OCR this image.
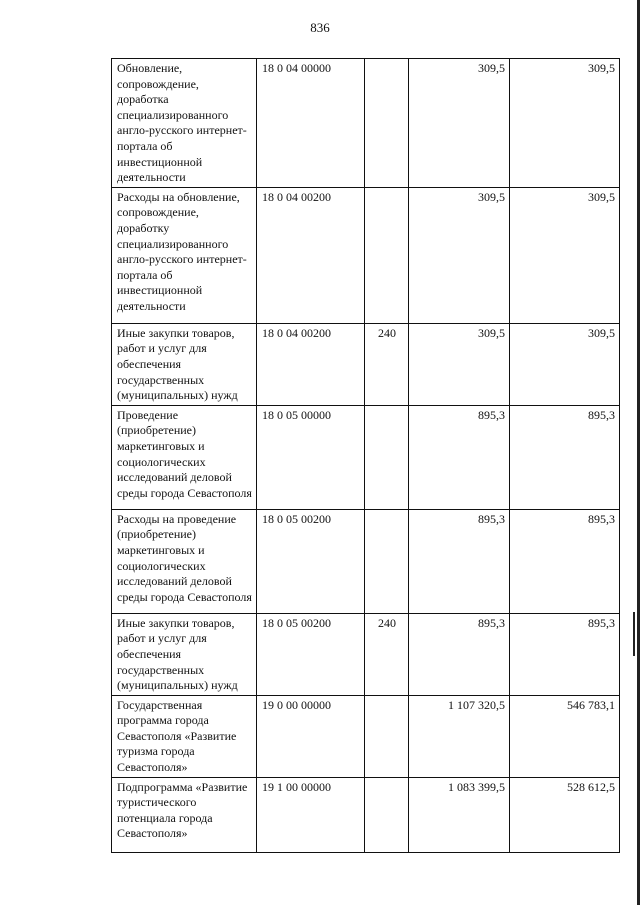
836
Обновление, сопровождение, доработка специализированного англо-русского интернет-портала об инвестиционной деятельности	18 0 04 00000		309,5	309,5
Расходы на обновление, сопровождение, доработку специализированного англо-русского интернет-портала об инвестиционной деятельности	18 0 04 00200		309,5	309,5
Иные закупки товаров, работ и услуг для обеспечения государственных (муниципальных) нужд	18 0 04 00200	240	309,5	309,5
Проведение (приобретение) маркетинговых и социологических исследований деловой среды города Севастополя	18 0 05 00000		895,3	895,3
Расходы на проведение (приобретение) маркетинговых и социологических исследований деловой среды города Севастополя	18 0 05 00200		895,3	895,3
Иные закупки товаров, работ и услуг для обеспечения государственных (муниципальных) нужд	18 0 05 00200	240	895,3	895,3
Государственная программа города Севастополя «Развитие туризма города Севастополя»	19 0 00 00000		1 107 320,5	546 783,1
Подпрограмма «Развитие туристического потенциала города Севастополя»	19 1 00 00000		1 083 399,5	528 612,5
